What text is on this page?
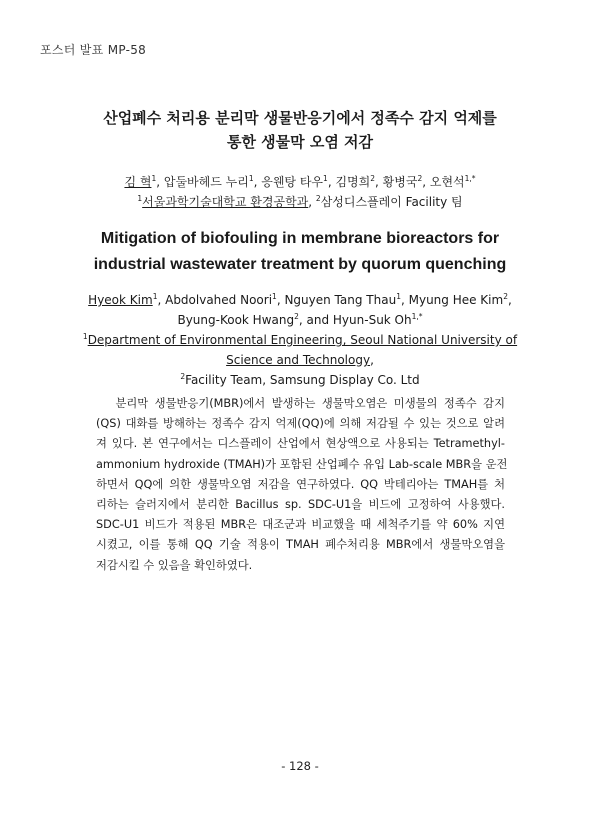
포스터 발표 MP-58
산업폐수 처리용 분리막 생물반응기에서 정족수 감지 억제를
통한 생물막 오염 저감
김 혁$^1$, 압둘바헤드 누리$^1$, 응웬탕 타우$^1$, 김명희$^2$, 황병국$^2$, 오현석$^{1,*}$
$^1$서울과학기술대학교 환경공학과, $^2$삼성디스플레이 Facility 팀
Mitigation of biofouling in membrane bioreactors for
industrial wastewater treatment by quorum quenching
Hyeok Kim$^1$, Abdolvahed Noori$^1$, Nguyen Tang Thau$^1$, Myung Hee Kim$^2$,
Byung-Kook Hwang$^2$, and Hyun-Suk $Oh^{1,*}$
$^1$Department of Environmental Engineering, Seoul National University of
Science and Technology,
$^2$Facility Team, Samsung Display Co. Ltd
분리막 생물반응기(MBR)에서 발생하는 생물막오염은 미생물의 정족수 감지
(QS) 대화를 방해하는 정족수 감지 억제(QQ)에 의해 저감될 수 있는 것으로 알려
져 있다. 본 연구에서는 디스플레이 산업에서 현상액으로 사용되는 Tetramethyl-
ammonium hydroxide (TMAH)가 포함된 산업폐수 유입 Lab-scale MBR을 운전
하면서 QQ에 의한 생물막오염 저감을 연구하였다. QQ 박테리아는 TMAH를 처
리하는 슬러지에서 분리한 Bacillus sp. SDC-U1을 비드에 고정하여 사용했다.
SDC-U1 비드가 적용된 MBR은 대조군과 비교했을 때 세척주기를 약 60% 지연
시켰고, 이를 통해 QQ 기술 적용이 TMAH 폐수처리용 MBR에서 생물막오염을
저감시킬 수 있음을 확인하였다.
- 128 -
